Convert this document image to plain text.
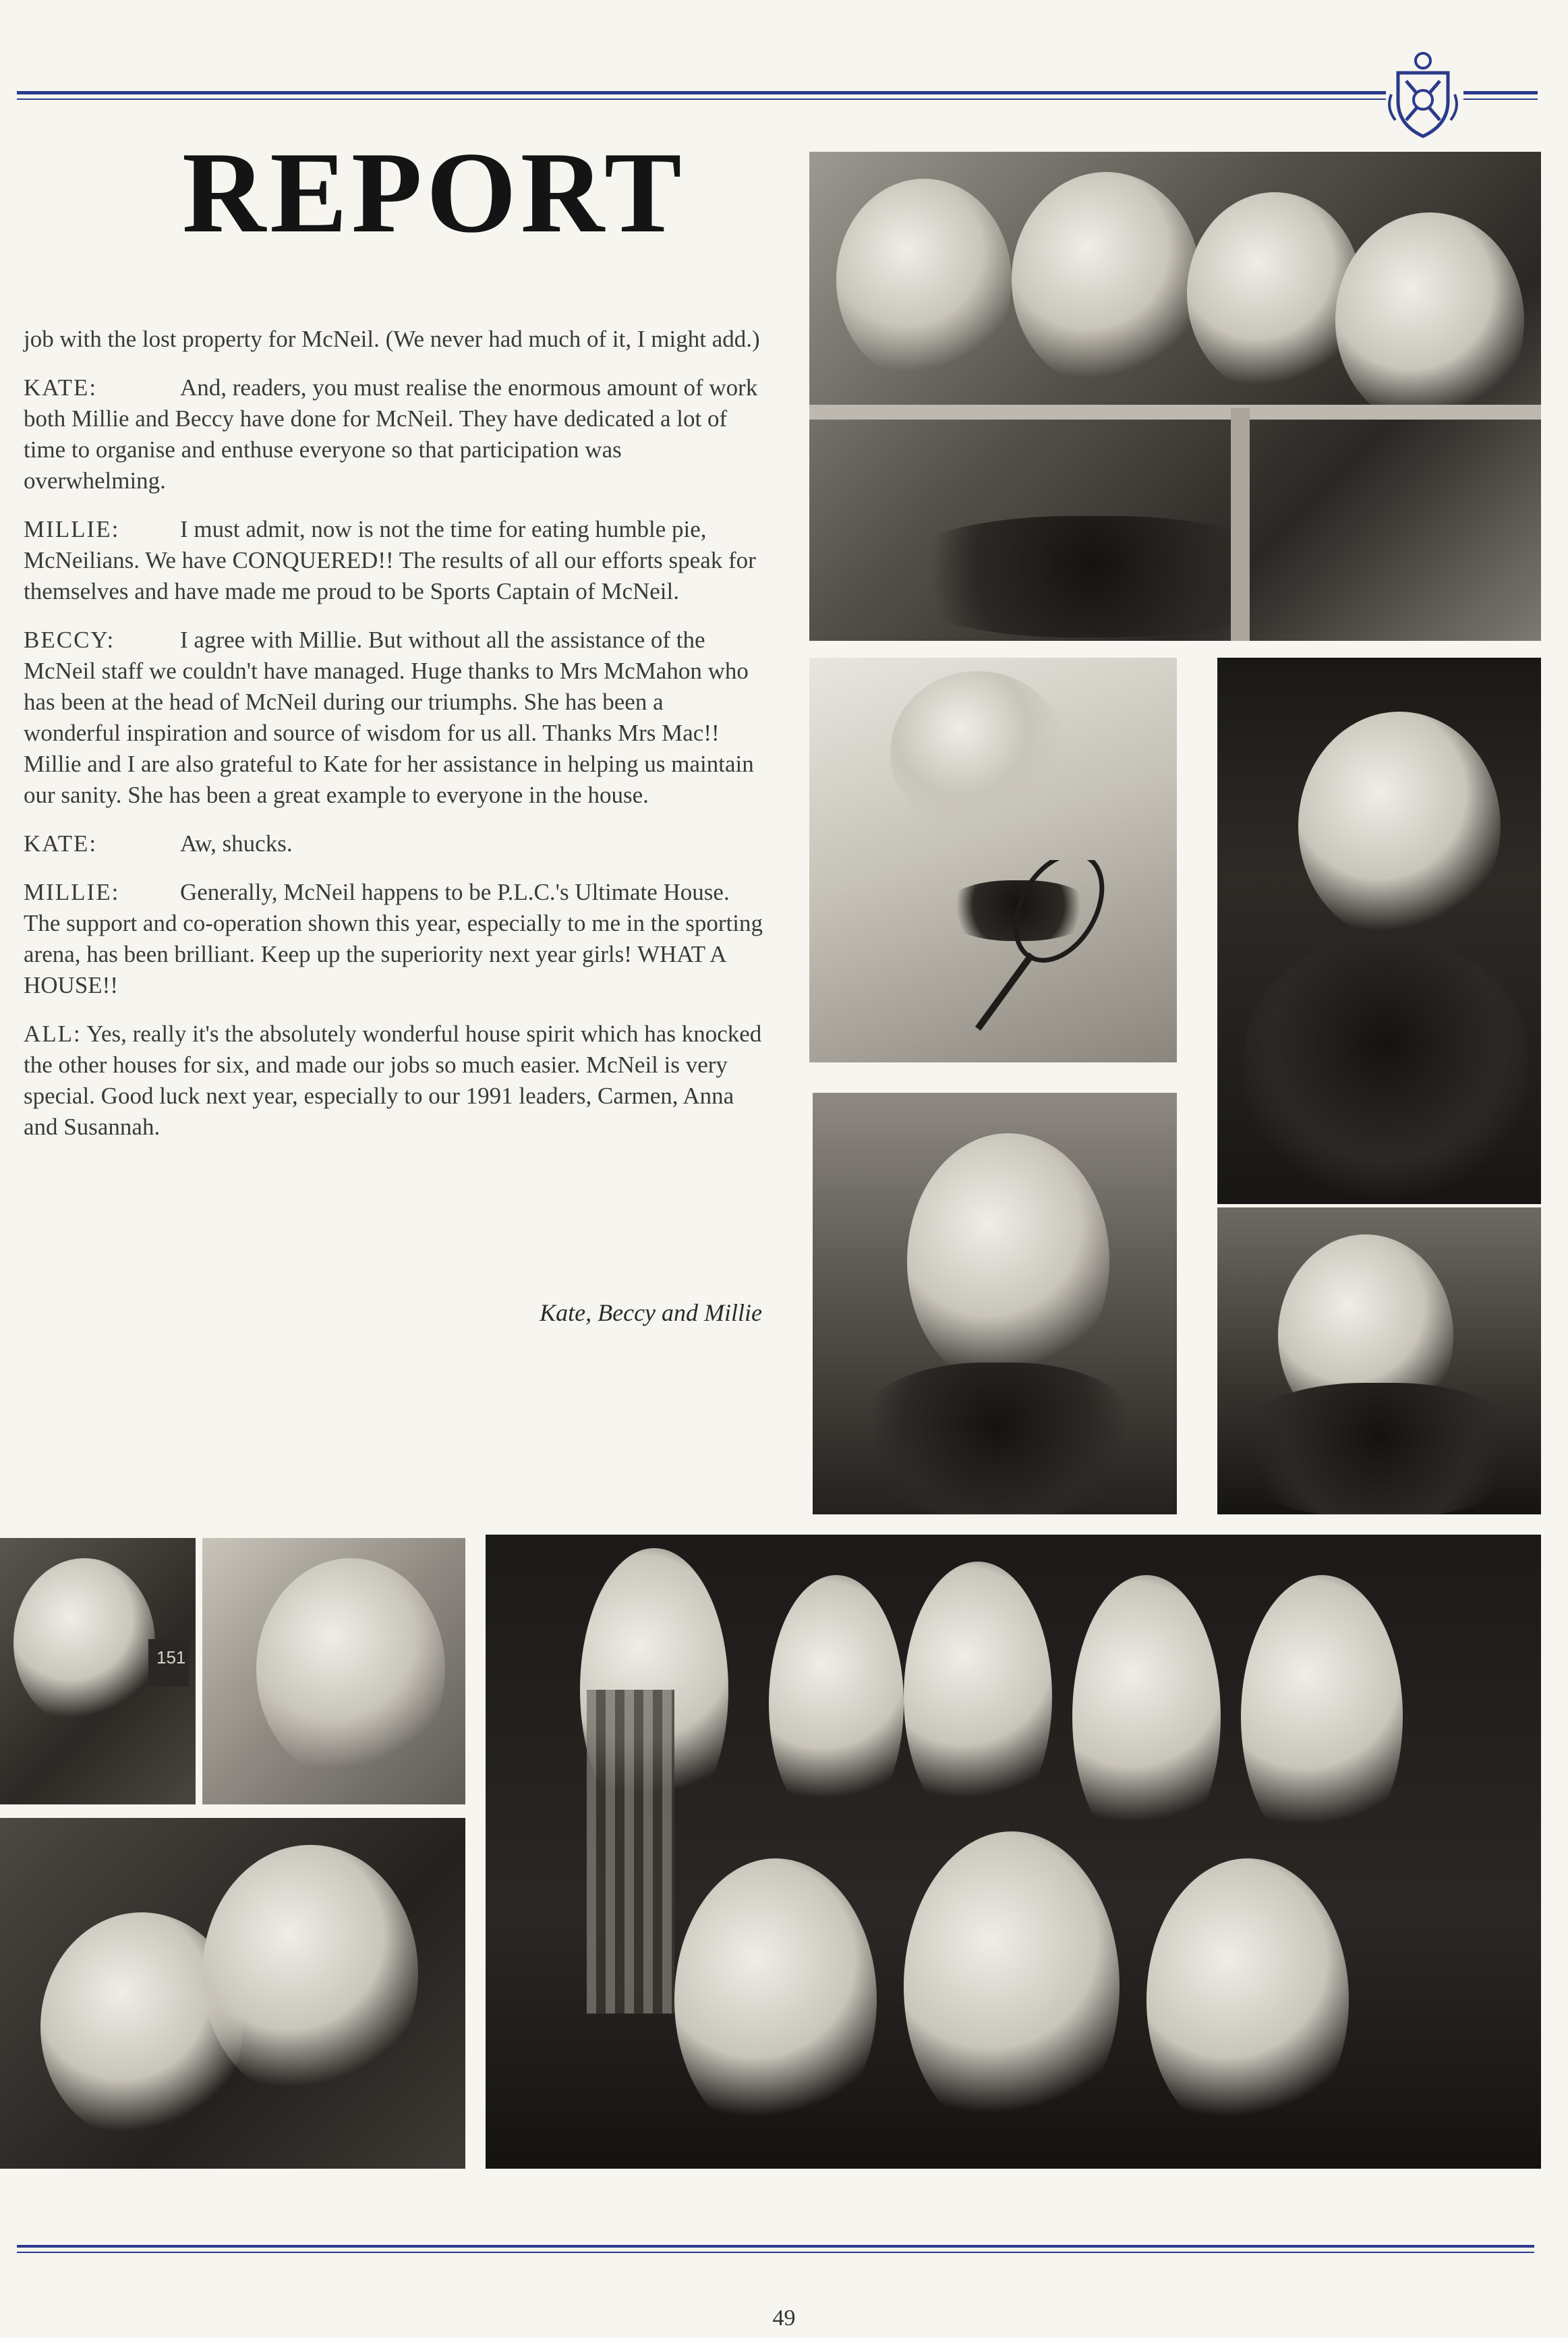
REPORT

job with the lost property for McNeil. (We never had much of it, I might add.)

KATE:	And, readers, you must realise the enormous amount of work both Millie and Beccy have done for McNeil. They have dedicated a lot of time to organise and enthuse everyone so that participation was overwhelming.

MILLIE:	I must admit, now is not the time for eating humble pie, McNeilians. We have CONQUERED!! The results of all our efforts speak for themselves and have made me proud to be Sports Captain of McNeil.

BECCY:	I agree with Millie. But without all the assistance of the McNeil staff we couldn't have managed. Huge thanks to Mrs McMahon who has been at the head of McNeil during our triumphs. She has been a wonderful inspiration and source of wisdom for us all. Thanks Mrs Mac!! Millie and I are also grateful to Kate for her assistance in helping us maintain our sanity. She has been a great example to everyone in the house.

KATE:	Aw, shucks.

MILLIE:	Generally, McNeil happens to be P.L.C.'s Ultimate House. The support and co-operation shown this year, especially to me in the sporting arena, has been brilliant. Keep up the superiority next year girls! WHAT A HOUSE!!

ALL: Yes, really it's the absolutely wonderful house spirit which has knocked the other houses for six, and made our jobs so much easier. McNeil is very special. Good luck next year, especially to our 1991 leaders, Carmen, Anna and Susannah.

Kate, Beccy and Millie
151
49
